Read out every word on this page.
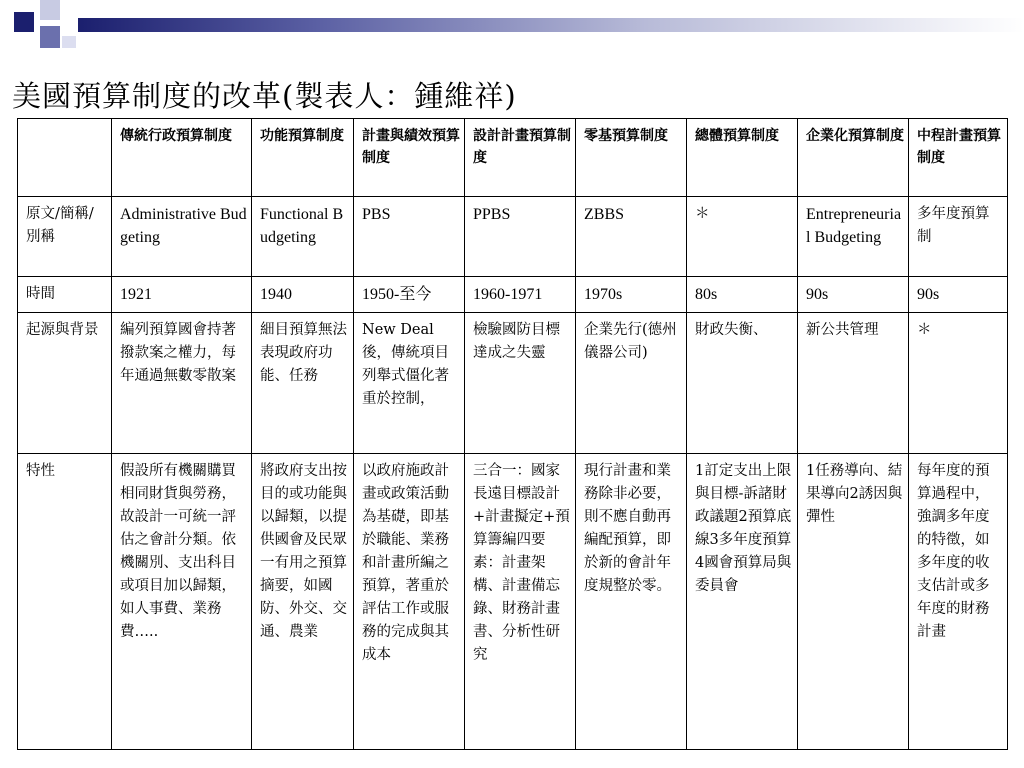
美國預算制度的改革(製表人：鍾維祥)
	傳統行政預算制度	功能預算制度	計畫與績效預算制度	設計計畫預算制度	零基預算制度	總體預算制度	企業化預算制度	中程計畫預算制度
原文/簡稱/別稱	Administrative Budgeting	Functional Budgeting	PBS	PPBS	ZBBS	＊	Entrepreneurial Budgeting	多年度預算制
時間	1921	1940	1950-至今	1960-1971	1970s	80s	90s	90s
起源與背景	編列預算國會持著撥款案之權力，每年通過無數零散案	細目預算無法表現政府功能、任務	New Deal後，傳統項目列舉式僵化著重於控制，	檢驗國防目標達成之失靈	企業先行(德州儀器公司)	財政失衡、	新公共管理	＊
特性	假設所有機關購買相同財貨與勞務，故設計一可統一評估之會計分類。依機關別、支出科目或項目加以歸類，如人事費、業務費…..	將政府支出按目的或功能與以歸類，以提供國會及民眾一有用之預算摘要，如國防、外交、交通、農業	以政府施政計畫或政策活動為基礎，即基於職能、業務和計畫所編之預算，著重於評估工作或服務的完成與其成本	三合一：國家長遠目標設計+計畫擬定+預算籌編四要素：計畫架構、計畫備忘錄、財務計畫書、分析性研究	現行計畫和業務除非必要，則不應自動再編配預算，即於新的會計年度規整於零。	1訂定支出上限與目標-訴諸財政議題2預算底線3多年度預算4國會預算局與委員會	1任務導向、結果導向2誘因與彈性	每年度的預算過程中，強調多年度的特徵，如多年度的收支估計或多年度的財務計畫
